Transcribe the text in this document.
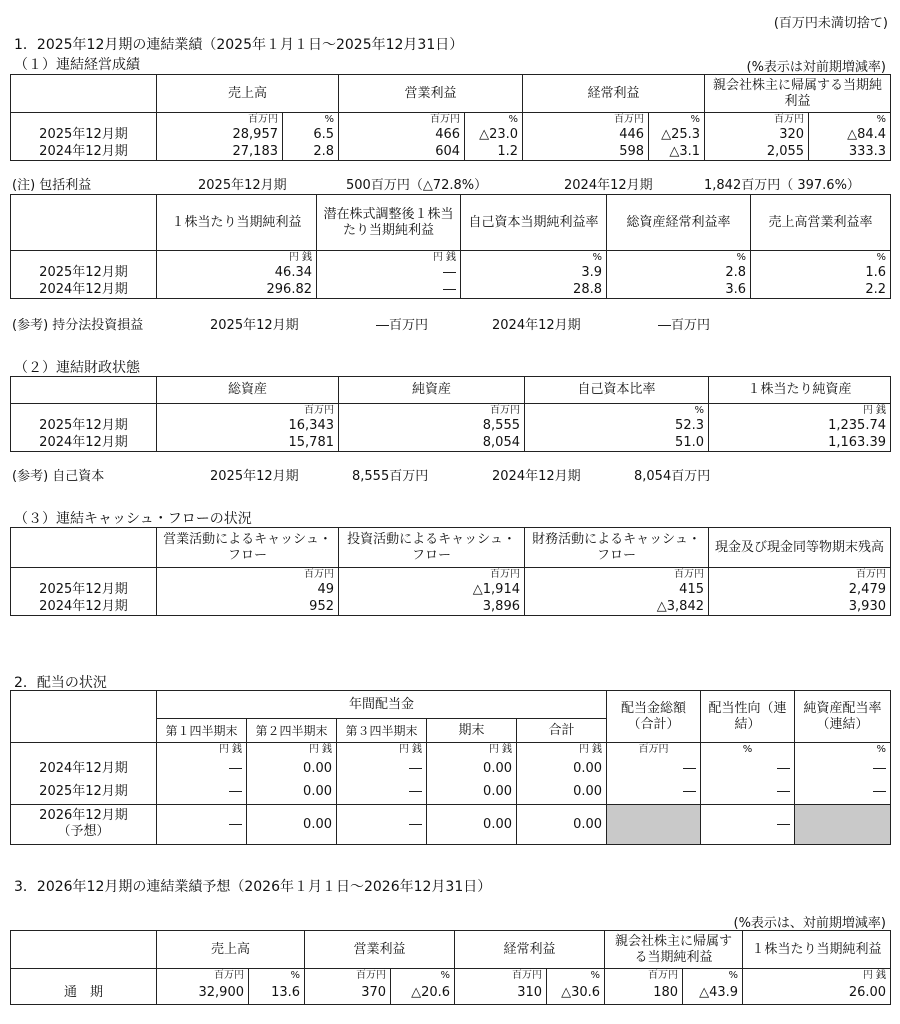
(百万円未満切捨て)
1．2025年12月期の連結業績（2025年１月１日～2025年12月31日）
（１）連結経営成績	(%表示は対前期増減率)
	売上高		営業利益		経常利益		親会社株主に帰属する当期純利益	
	百万円	%	百万円	%	百万円	%	百万円	%
2025年12月期	28,957	6.5	466	△23.0	446	△25.3	320	△84.4
2024年12月期	27,183	2.8	604	1.2	598	△3.1	2,055	333.3
(注) 包括利益	2025年12月期	500百万円（△72.8%）	2024年12月期	1,842百万円（ 397.6%）
	１株当たり当期純利益	潜在株式調整後１株当たり当期純利益	自己資本当期純利益率	総資産経常利益率	売上高営業利益率
	円 銭	円 銭	%	%	%
2025年12月期	46.34	―	3.9	2.8	1.6
2024年12月期	296.82	―	28.8	3.6	2.2
(参考) 持分法投資損益	2025年12月期	―百万円	2024年12月期	―百万円
（２）連結財政状態
	総資産	純資産	自己資本比率	１株当たり純資産
	百万円	百万円	%	円 銭
2025年12月期	16,343	8,555	52.3	1,235.74
2024年12月期	15,781	8,054	51.0	1,163.39
(参考) 自己資本	2025年12月期	8,555百万円	2024年12月期	8,054百万円
（３）連結キャッシュ・フローの状況
	営業活動によるキャッシュ・フロー	投資活動によるキャッシュ・フロー	財務活動によるキャッシュ・フロー	現金及び現金同等物期末残高
	百万円	百万円	百万円	百万円
2025年12月期	49	△1,914	415	2,479
2024年12月期	952	3,896	△3,842	3,930
2．配当の状況
	年間配当金					配当金総額（合計）	配当性向（連結）	純資産配当率（連結）
	第１四半期末	第２四半期末	第３四半期末	期末	合計			
	円 銭	円 銭	円 銭	円 銭	円 銭	百万円	%	%
2024年12月期	―	0.00	―	0.00	0.00	―	―	―
2025年12月期	―	0.00	―	0.00	0.00	―	―	―

2026年12月期
（予想）	―	0.00	―	0.00	0.00		―	
3．2026年12月期の連結業績予想（2026年１月１日～2026年12月31日）
(%表示は、対前期増減率)
	売上高		営業利益		経常利益		親会社株主に帰属する当期純利益		１株当たり当期純利益
	百万円	%	百万円	%	百万円	%	百万円	%	円 銭
通　期	32,900	13.6	370	△20.6	310	△30.6	180	△43.9	26.00
